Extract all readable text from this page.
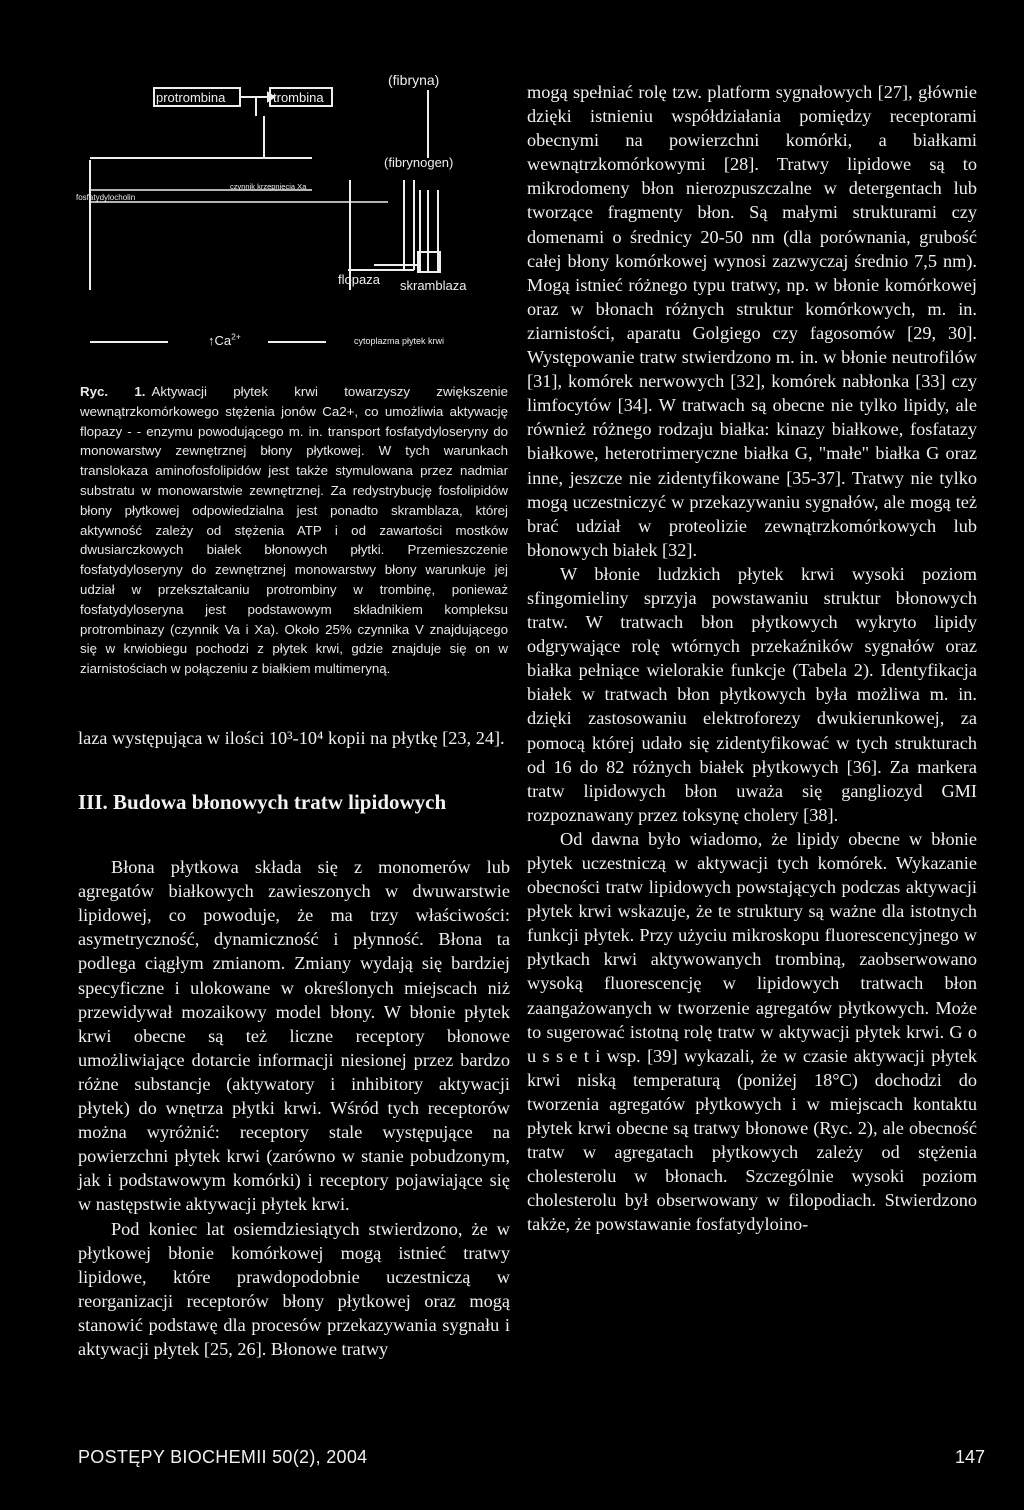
(fibryna)
protrombina	trombina
(fibrynogen)
czynnik krzepnięcia Xa
fosfatydylocholin
flopaza skramblaza
$↑Ca^{2+}$	cytoplazma płytek krwi
Ryc. 1. Aktywacji płytek krwi towarzyszy zwiększenie wewnątrzkomórkowego stężenia jonów Ca2+, co umożliwia aktywację flopazy - - enzymu powodującego m. in. transport fosfatydyloseryny do monowarstwy zewnętrznej błony płytkowej. W tych warunkach translokaza aminofosfolipidów jest także stymulowana przez nadmiar substratu w monowarstwie zewnętrznej. Za redystrybucję fosfolipidów błony płytkowej odpowiedzialna jest ponadto skramblaza, której aktywność zależy od stężenia ATP i od zawartości mostków dwusiarczkowych białek błonowych płytki. Przemieszczenie fosfatydyloseryny do zewnętrznej monowarstwy błony warunkuje jej udział w przekształcaniu protrombiny w trombinę, ponieważ fosfatydyloseryna jest podstawowym składnikiem kompleksu protrombinazy (czynnik Va i Xa). Około 25% czynnika V znajdującego się w krwiobiegu pochodzi z płytek krwi, gdzie znajduje się on w ziarnistościach w połączeniu z białkiem multimeryną.

laza występująca w ilości 10³-10⁴ kopii na płytkę [23, 24].

III. Budowa błonowych tratw lipidowych

Błona płytkowa składa się z monomerów lub agregatów białkowych zawieszonych w dwuwarstwie lipidowej, co powoduje, że ma trzy właściwości: asymetryczność, dynamiczność i płynność. Błona ta podlega ciągłym zmianom. Zmiany wydają się bardziej specyficzne i ulokowane w określonych miejscach niż przewidywał mozaikowy model błony. W błonie płytek krwi obecne są też liczne receptory błonowe umożliwiające dotarcie informacji niesionej przez bardzo różne substancje (aktywatory i inhibitory aktywacji płytek) do wnętrza płytki krwi. Wśród tych receptorów można wyróżnić: receptory stale występujące na powierzchni płytek krwi (zarówno w stanie pobudzonym, jak i podstawowym komórki) i receptory pojawiające się w następstwie aktywacji płytek krwi.

Pod koniec lat osiemdziesiątych stwierdzono, że w płytkowej błonie komórkowej mogą istnieć tratwy lipidowe, które prawdopodobnie uczestniczą w reorganizacji receptorów błony płytkowej oraz mogą stanowić podstawę dla procesów przekazywania sygnału i aktywacji płytek [25, 26]. Błonowe tratwy

mogą spełniać rolę tzw. platform sygnałowych [27], głównie dzięki istnieniu współdziałania pomiędzy receptorami obecnymi na powierzchni komórki, a białkami wewnątrzkomórkowymi [28]. Tratwy lipidowe są to mikrodomeny błon nierozpuszczalne w detergentach lub tworzące fragmenty błon. Są małymi strukturami czy domenami o średnicy 20-50 nm (dla porównania, grubość całej błony komórkowej wynosi zazwyczaj średnio 7,5 nm). Mogą istnieć różnego typu tratwy, np. w błonie komórkowej oraz w błonach różnych struktur komórkowych, m. in. ziarnistości, aparatu Golgiego czy fagosomów [29, 30]. Występowanie tratw stwierdzono m. in. w błonie neutrofilów [31], komórek nerwowych [32], komórek nabłonka [33] czy limfocytów [34]. W tratwach są obecne nie tylko lipidy, ale również różnego rodzaju białka: kinazy białkowe, fosfatazy białkowe, heterotrimeryczne białka G, "małe" białka G oraz inne, jeszcze nie zidentyfikowane [35-37]. Tratwy nie tylko mogą uczestniczyć w przekazywaniu sygnałów, ale mogą też brać udział w proteolizie zewnątrzkomórkowych lub błonowych białek [32].

W błonie ludzkich płytek krwi wysoki poziom sfingomieliny sprzyja powstawaniu struktur błonowych tratw. W tratwach błon płytkowych wykryto lipidy odgrywające rolę wtórnych przekaźników sygnałów oraz białka pełniące wielorakie funkcje (Tabela 2). Identyfikacja białek w tratwach błon płytkowych była możliwa m. in. dzięki zastosowaniu elektroforezy dwukierunkowej, za pomocą której udało się zidentyfikować w tych strukturach od 16 do 82 różnych białek płytkowych [36]. Za markera tratw lipidowych błon uważa się gangliozyd GMI rozpoznawany przez toksynę cholery [38].

Od dawna było wiadomo, że lipidy obecne w błonie płytek uczestniczą w aktywacji tych komórek. Wykazanie obecności tratw lipidowych powstających podczas aktywacji płytek krwi wskazuje, że te struktury są ważne dla istotnych funkcji płytek. Przy użyciu mikroskopu fluorescencyjnego w płytkach krwi aktywowanych trombiną, zaobserwowano wysoką fluorescencję w lipidowych tratwach błon zaangażowanych w tworzenie agregatów płytkowych. Może to sugerować istotną rolę tratw w aktywacji płytek krwi. G o u s s e t i wsp. [39] wykazali, że w czasie aktywacji płytek krwi niską temperaturą (poniżej 18°C) dochodzi do tworzenia agregatów płytkowych i w miejscach kontaktu płytek krwi obecne są tratwy błonowe (Ryc. 2), ale obecność tratw w agregatach płytkowych zależy od stężenia cholesterolu w błonach. Szczególnie wysoki poziom cholesterolu był obserwowany w filopodiach. Stwierdzono także, że powstawanie fosfatydyloino-

POSTĘPY BIOCHEMII 50(2), 2004	147
